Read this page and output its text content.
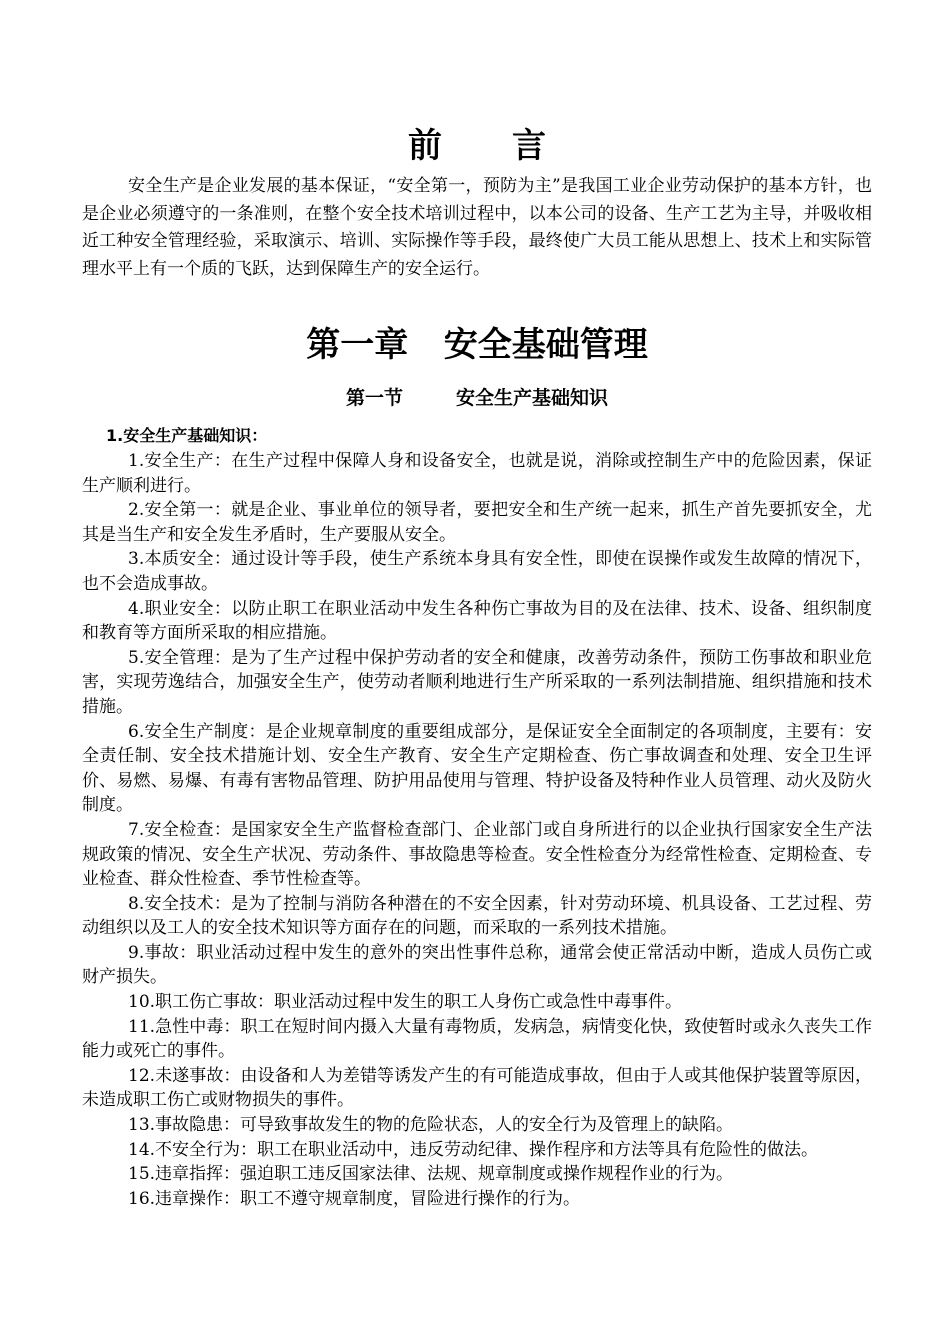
前言

安全生产是企业发展的基本保证，“安全第一，预防为主”是我国工业企业劳动保护的基本方针，也是企业必须遵守的一条准则，在整个安全技术培训过程中，以本公司的设备、生产工艺为主导，并吸收相近工种安全管理经验，采取演示、培训、实际操作等手段，最终使广大员工能从思想上、技术上和实际管理水平上有一个质的飞跃，达到保障生产的安全运行。

第一章   安全基础管理
第一节        安全生产基础知识
1.安全生产基础知识：

1.安全生产：在生产过程中保障人身和设备安全，也就是说，消除或控制生产中的危险因素，保证生产顺利进行。

2.安全第一：就是企业、事业单位的领导者，要把安全和生产统一起来，抓生产首先要抓安全，尤其是当生产和安全发生矛盾时，生产要服从安全。

3.本质安全：通过设计等手段，使生产系统本身具有安全性，即使在误操作或发生故障的情况下，也不会造成事故。

4.职业安全：以防止职工在职业活动中发生各种伤亡事故为目的及在法律、技术、设备、组织制度和教育等方面所采取的相应措施。

5.安全管理：是为了生产过程中保护劳动者的安全和健康，改善劳动条件，预防工伤事故和职业危害，实现劳逸结合，加强安全生产，使劳动者顺利地进行生产所采取的一系列法制措施、组织措施和技术措施。

6.安全生产制度：是企业规章制度的重要组成部分，是保证安全全面制定的各项制度，主要有：安全责任制、安全技术措施计划、安全生产教育、安全生产定期检查、伤亡事故调查和处理、安全卫生评价、易燃、易爆、有毒有害物品管理、防护用品使用与管理、特护设备及特种作业人员管理、动火及防火制度。

7.安全检查：是国家安全生产监督检查部门、企业部门或自身所进行的以企业执行国家安全生产法规政策的情况、安全生产状况、劳动条件、事故隐患等检查。安全性检查分为经常性检查、定期检查、专业检查、群众性检查、季节性检查等。

8.安全技术：是为了控制与消防各种潜在的不安全因素，针对劳动环境、机具设备、工艺过程、劳动组织以及工人的安全技术知识等方面存在的问题，而采取的一系列技术措施。

9.事故：职业活动过程中发生的意外的突出性事件总称，通常会使正常活动中断，造成人员伤亡或财产损失。

10.职工伤亡事故：职业活动过程中发生的职工人身伤亡或急性中毒事件。

11.急性中毒：职工在短时间内摄入大量有毒物质，发病急，病情变化快，致使暂时或永久丧失工作能力或死亡的事件。

12.未遂事故：由设备和人为差错等诱发产生的有可能造成事故，但由于人或其他保护装置等原因，未造成职工伤亡或财物损失的事件。

13.事故隐患：可导致事故发生的物的危险状态，人的安全行为及管理上的缺陷。

14.不安全行为：职工在职业活动中，违反劳动纪律、操作程序和方法等具有危险性的做法。

15.违章指挥：强迫职工违反国家法律、法规、规章制度或操作规程作业的行为。

16.违章操作：职工不遵守规章制度，冒险进行操作的行为。
